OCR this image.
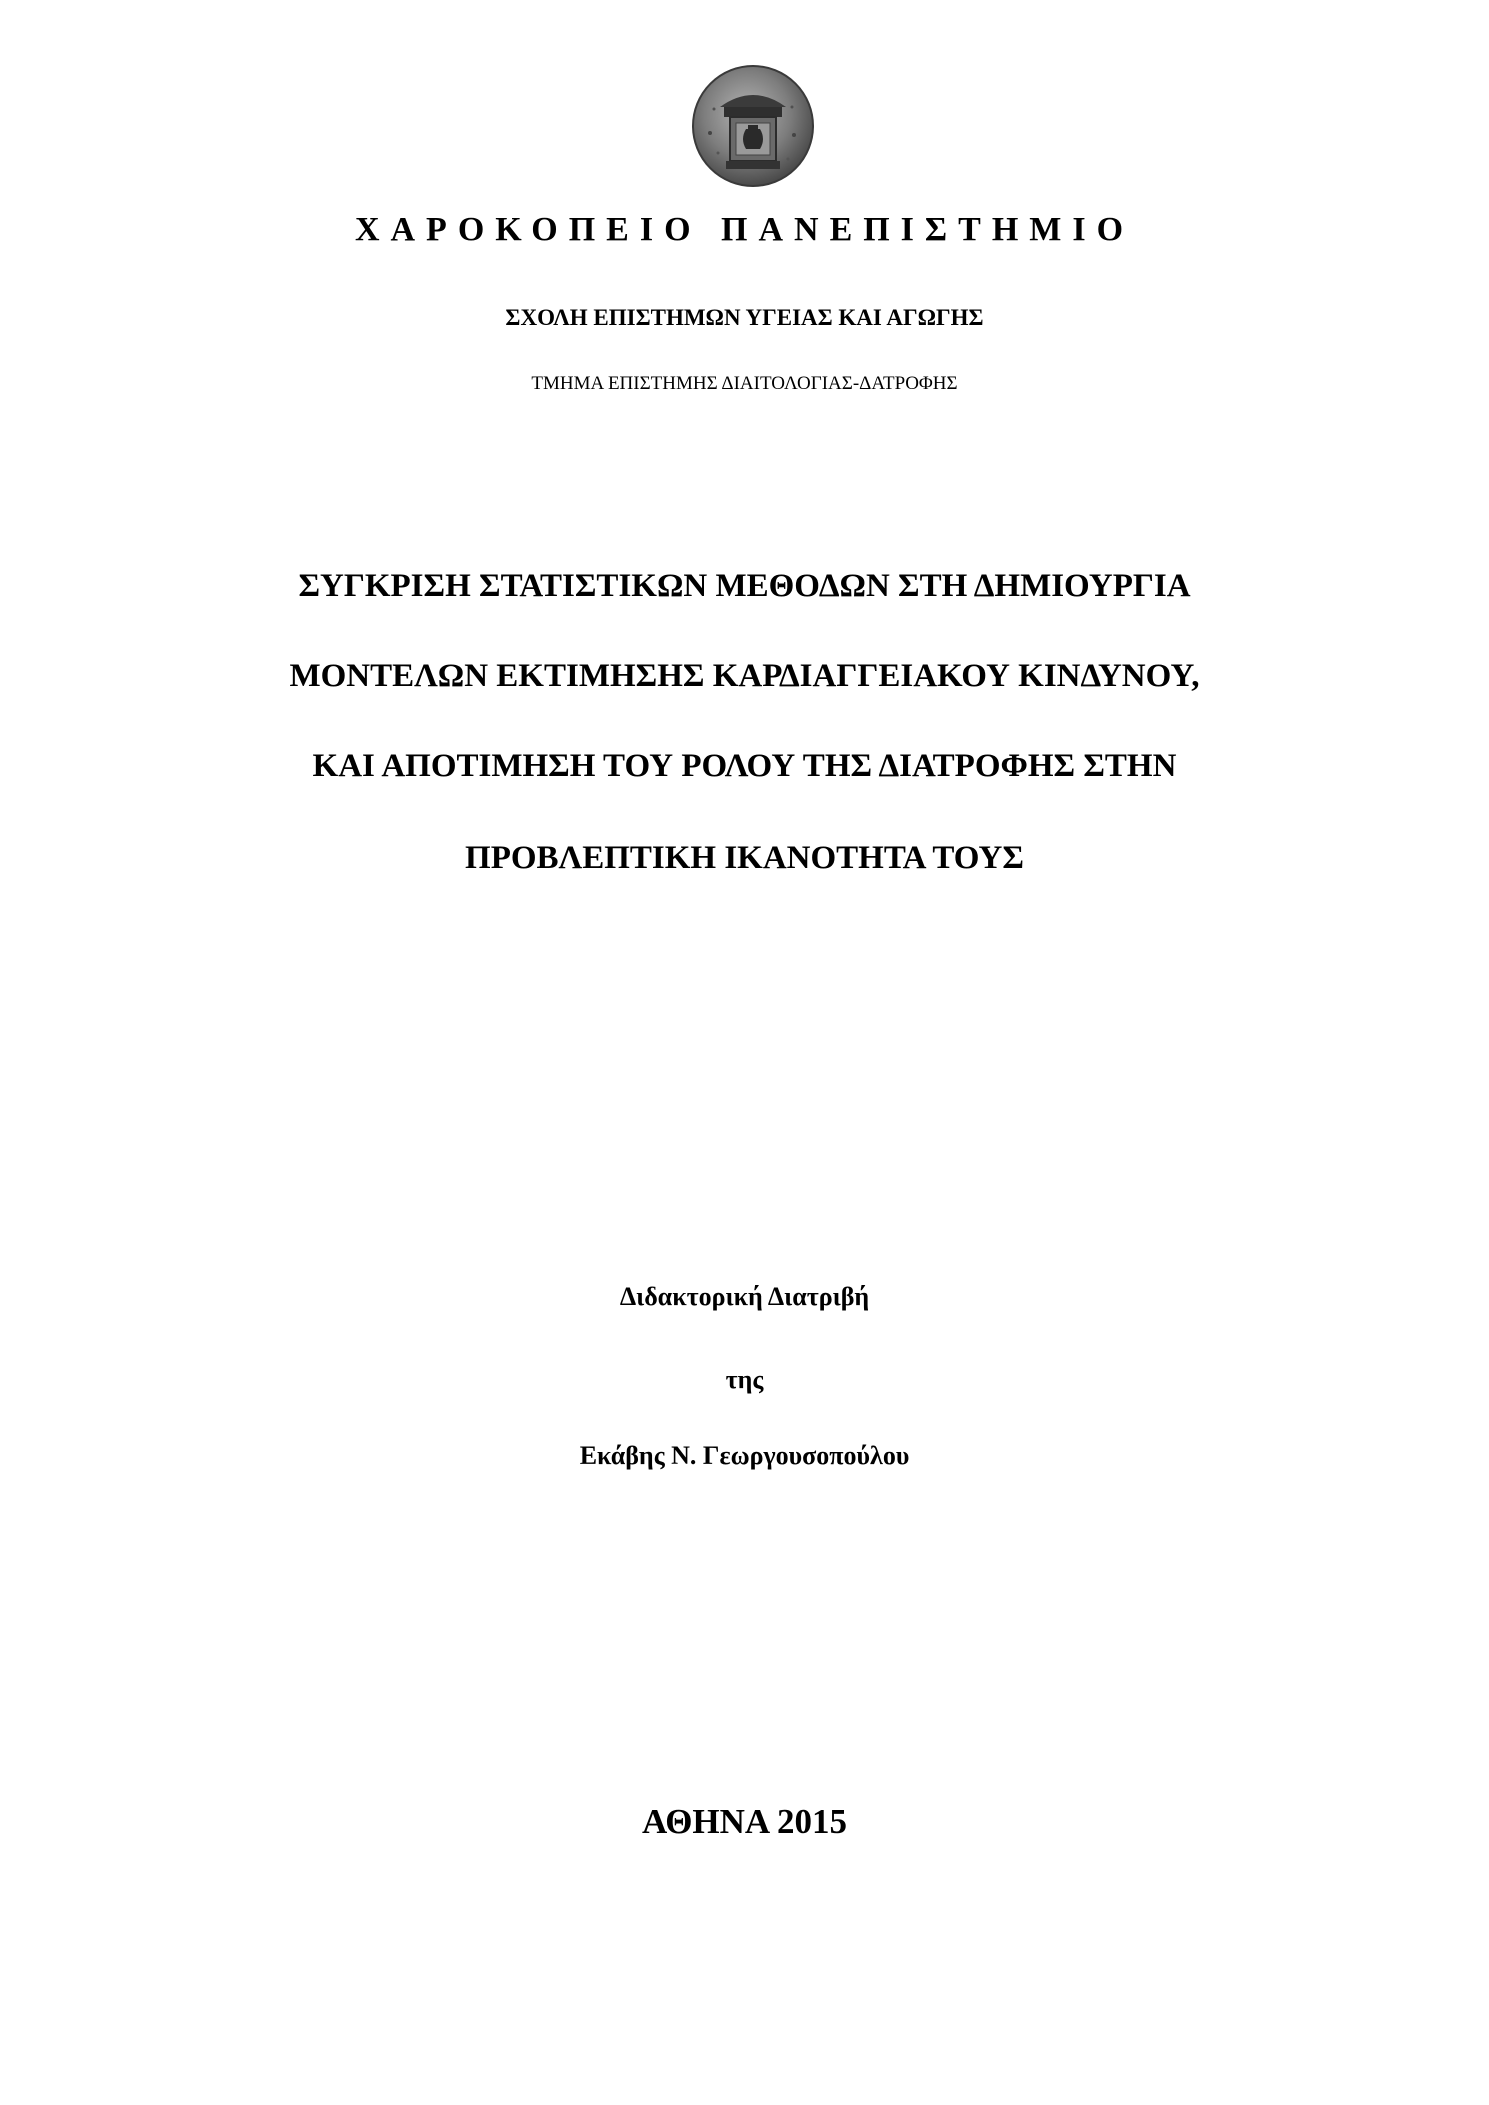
ΧΑΡΟΚΟΠΕΙΟ ΠΑΝΕΠΙΣΤΗΜΙΟ
ΣΧΟΛΗ ΕΠΙΣΤΗΜΩΝ ΥΓΕΙΑΣ ΚΑΙ ΑΓΩΓΗΣ
ΤΜΗΜΑ ΕΠΙΣΤΗΜΗΣ ΔΙΑΙΤΟΛΟΓΙΑΣ-ΔΑΤΡΟΦΗΣ
ΣΥΓΚΡΙΣΗ ΣΤΑΤΙΣΤΙΚΩΝ ΜΕΘΟΔΩΝ ΣΤΗ ΔΗΜΙΟΥΡΓΙΑ
ΜΟΝΤΕΛΩΝ ΕΚΤΙΜΗΣΗΣ ΚΑΡΔΙΑΓΓΕΙΑΚΟΥ ΚΙΝΔΥΝΟΥ,
ΚΑΙ ΑΠΟΤΙΜΗΣΗ ΤΟΥ ΡΟΛΟΥ ΤΗΣ ΔΙΑΤΡΟΦΗΣ ΣΤΗΝ
ΠΡΟΒΛΕΠΤΙΚΗ ΙΚΑΝΟΤΗΤΑ ΤΟΥΣ
Διδακτορική Διατριβή
της
Εκάβης Ν. Γεωργουσοπούλου
ΑΘΗΝΑ 2015
